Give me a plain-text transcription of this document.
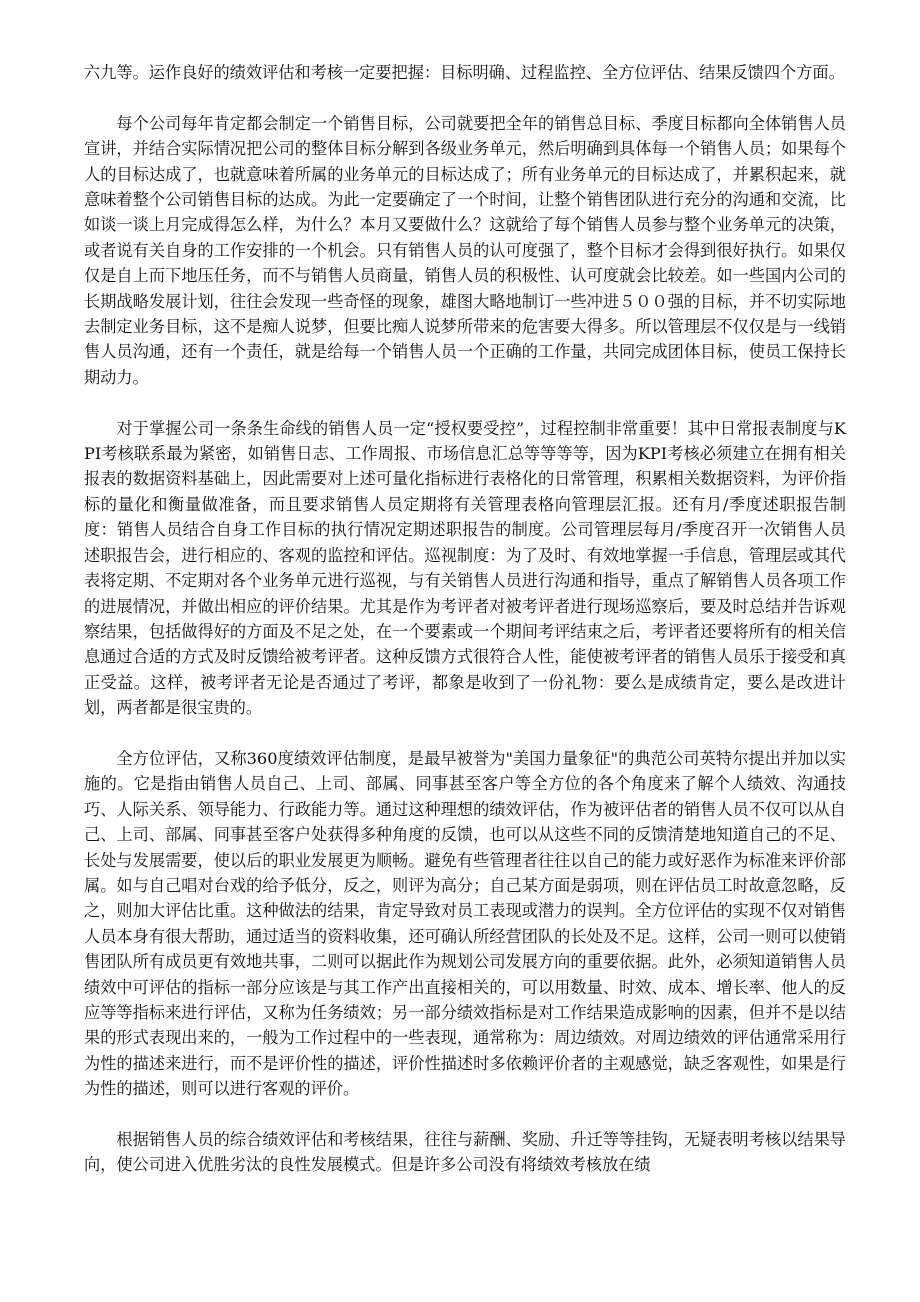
六九等。运作良好的绩效评估和考核一定要把握：目标明确、过程监控、全方位评估、结果反馈四个方面。

每个公司每年肯定都会制定一个销售目标，公司就要把全年的销售总目标、季度目标都向全体销售人员宣讲，并结合实际情况把公司的整体目标分解到各级业务单元，然后明确到具体每一个销售人员；如果每个人的目标达成了，也就意味着所属的业务单元的目标达成了；所有业务单元的目标达成了，并累积起来，就意味着整个公司销售目标的达成。为此一定要确定了一个时间，让整个销售团队进行充分的沟通和交流，比如谈一谈上月完成得怎么样，为什么？本月又要做什么？这就给了每个销售人员参与整个业务单元的决策，或者说有关自身的工作安排的一个机会。只有销售人员的认可度强了，整个目标才会得到很好执行。如果仅仅是自上而下地压任务，而不与销售人员商量，销售人员的积极性、认可度就会比较差。如一些国内公司的长期战略发展计划，往往会发现一些奇怪的现象，雄图大略地制订一些冲进５００强的目标，并不切实际地去制定业务目标，这不是痴人说梦，但要比痴人说梦所带来的危害要大得多。所以管理层不仅仅是与一线销售人员沟通，还有一个责任，就是给每一个销售人员一个正确的工作量，共同完成团体目标，使员工保持长期动力。

对于掌握公司一条条生命线的销售人员一定“授权要受控”，过程控制非常重要！其中日常报表制度与KPI考核联系最为紧密，如销售日志、工作周报、市场信息汇总等等等等，因为KPI考核必须建立在拥有相关报表的数据资料基础上，因此需要对上述可量化指标进行表格化的日常管理，积累相关数据资料，为评价指标的量化和衡量做准备，而且要求销售人员定期将有关管理表格向管理层汇报。还有月/季度述职报告制度：销售人员结合自身工作目标的执行情况定期述职报告的制度。公司管理层每月/季度召开一次销售人员述职报告会，进行相应的、客观的监控和评估。巡视制度：为了及时、有效地掌握一手信息，管理层或其代表将定期、不定期对各个业务单元进行巡视，与有关销售人员进行沟通和指导，重点了解销售人员各项工作的进展情况，并做出相应的评价结果。尤其是作为考评者对被考评者进行现场巡察后，要及时总结并告诉观察结果，包括做得好的方面及不足之处，在一个要素或一个期间考评结束之后，考评者还要将所有的相关信息通过合适的方式及时反馈给被考评者。这种反馈方式很符合人性，能使被考评者的销售人员乐于接受和真正受益。这样，被考评者无论是否通过了考评，都象是收到了一份礼物：要么是成绩肯定，要么是改进计划，两者都是很宝贵的。

全方位评估，又称360度绩效评估制度，是最早被誉为"美国力量象征"的典范公司英特尔提出并加以实施的。它是指由销售人员自己、上司、部属、同事甚至客户等全方位的各个角度来了解个人绩效、沟通技巧、人际关系、领导能力、行政能力等。通过这种理想的绩效评估，作为被评估者的销售人员不仅可以从自己、上司、部属、同事甚至客户处获得多种角度的反馈，也可以从这些不同的反馈清楚地知道自己的不足、长处与发展需要，使以后的职业发展更为顺畅。避免有些管理者往往以自己的能力或好恶作为标准来评价部属。如与自己唱对台戏的给予低分，反之，则评为高分；自己某方面是弱项，则在评估员工时故意忽略，反之，则加大评估比重。这种做法的结果，肯定导致对员工表现或潜力的误判。全方位评估的实现不仅对销售人员本身有很大帮助，通过适当的资料收集，还可确认所经营团队的长处及不足。这样，公司一则可以使销售团队所有成员更有效地共事，二则可以据此作为规划公司发展方向的重要依据。此外，必须知道销售人员绩效中可评估的指标一部分应该是与其工作产出直接相关的，可以用数量、时效、成本、增长率、他人的反应等等指标来进行评估，又称为任务绩效；另一部分绩效指标是对工作结果造成影响的因素，但并不是以结果的形式表现出来的，一般为工作过程中的一些表现，通常称为：周边绩效。对周边绩效的评估通常采用行为性的描述来进行，而不是评价性的描述，评价性描述时多依赖评价者的主观感觉，缺乏客观性，如果是行为性的描述，则可以进行客观的评价。

根据销售人员的综合绩效评估和考核结果，往往与薪酬、奖励、升迁等等挂钩，无疑表明考核以结果导向，使公司进入优胜劣汰的良性发展模式。但是许多公司没有将绩效考核放在绩
